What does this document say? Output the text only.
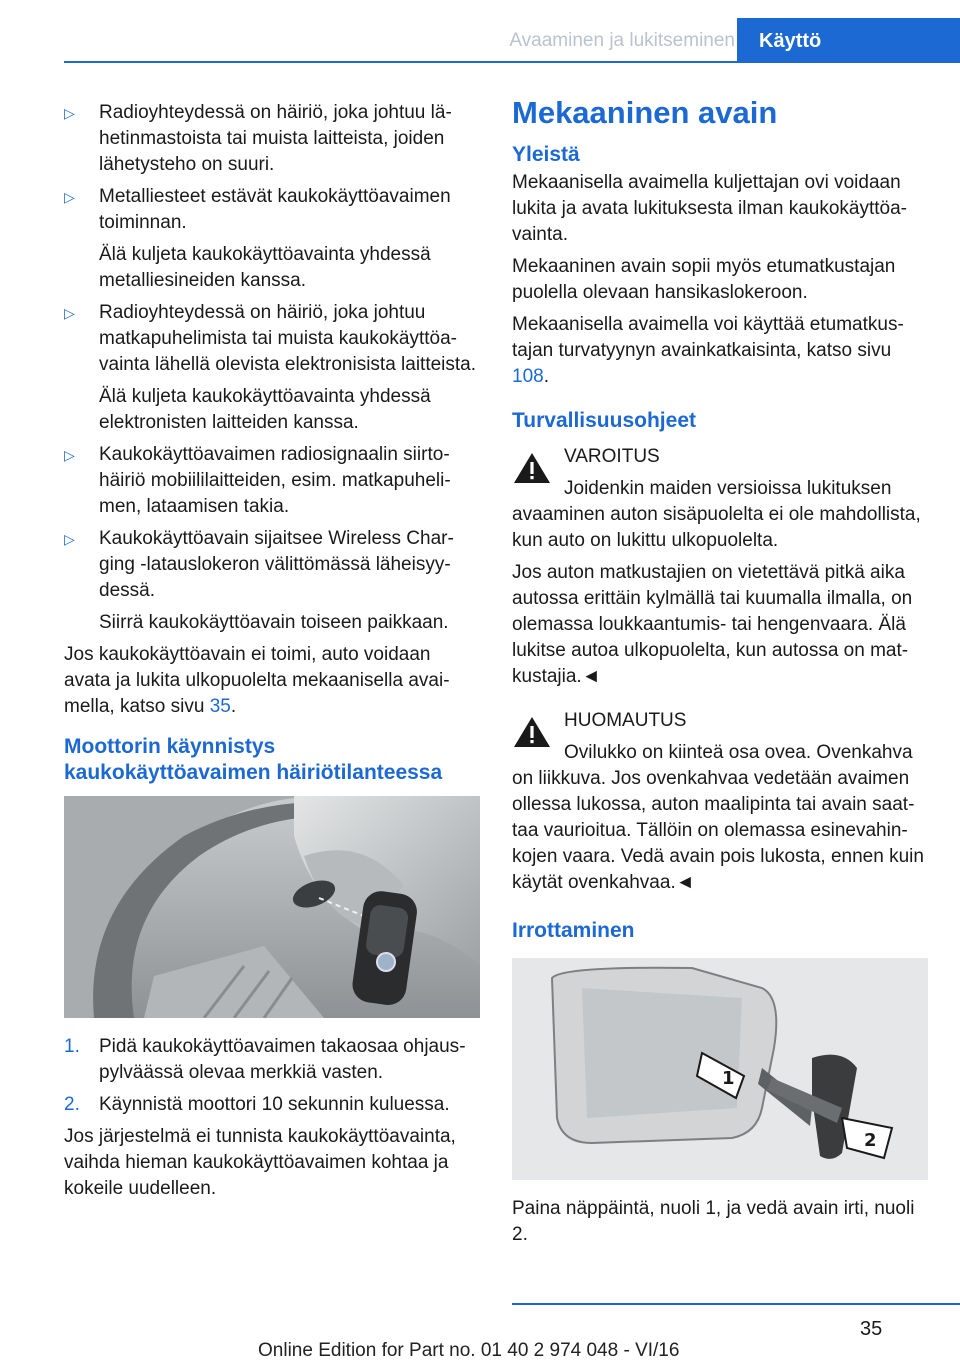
Avaaminen ja lukitseminen	Käyttö
▷ Radioyhteydessä on häiriö, joka johtuu lähetinmastoista tai muista laitteista, joiden lähetysteho on suuri.

▷ Metalliesteet estävät kaukokäyttöavaimen toiminnan.

Älä kuljeta kaukokäyttöavainta yhdessä metalliesineiden kanssa.

▷ Radioyhteydessä on häiriö, joka johtuu matkapuhelimista tai muista kaukokäyttöavainta lähellä olevista elektronisista laitteista.

Älä kuljeta kaukokäyttöavainta yhdessä elektronisten laitteiden kanssa.

▷ Kaukokäyttöavaimen radiosignaalin siirtohäiriö mobiililaitteiden, esim. matkapuhelimen, lataamisen takia.

▷ Kaukokäyttöavain sijaitsee Wireless Charging -latauslokeron välittömässä läheisyydessä.

Siirrä kaukokäyttöavain toiseen paikkaan.

Jos kaukokäyttöavain ei toimi, auto voidaan avata ja lukita ulkopuolelta mekaanisella avaimella, katso sivu 35.

Moottorin käynnistys kaukokäyttöavaimen häiriötilanteessa
1. Pidä kaukokäyttöavaimen takaosaa ohjauspylväässä olevaa merkkiä vasten.

2. Käynnistä moottori 10 sekunnin kuluessa.

Jos järjestelmä ei tunnista kaukokäyttöavainta, vaihda hieman kaukokäyttöavaimen kohtaa ja kokeile uudelleen.

Mekaaninen avain
Yleistä

Mekaanisella avaimella kuljettajan ovi voidaan lukita ja avata lukituksesta ilman kaukokäyttöavainta.

Mekaaninen avain sopii myös etumatkustajan puolella olevaan hansikaslokeroon.

Mekaanisella avaimella voi käyttää etumatkustajan turvatyynyn avainkatkaisinta, katso sivu 108.

Turvallisuusohjeet

VAROITUS

Joidenkin maiden versioissa lukituksen avaaminen auton sisäpuolelta ei ole mahdollista, kun auto on lukittu ulkopuolelta.

Jos auton matkustajien on vietettävä pitkä aika autossa erittäin kylmällä tai kuumalla ilmalla, on olemassa loukkaantumis- tai hengenvaara. Älä lukitse autoa ulkopuolelta, kun autossa on matkustajia.◄

HUOMAUTUS

Ovilukko on kiinteä osa ovea. Ovenkahva on liikkuva. Jos ovenkahvaa vedetään avaimen ollessa lukossa, auton maalipinta tai avain saattaa vaurioitua. Tällöin on olemassa esinevahinkojen vaara. Vedä avain pois lukosta, ennen kuin käytät ovenkahvaa.◄

Irrottaminen
1
2

Paina näppäintä, nuoli 1, ja vedä avain irti, nuoli 2.

35
Online Edition for Part no. 01 40 2 974 048 - VI/16
